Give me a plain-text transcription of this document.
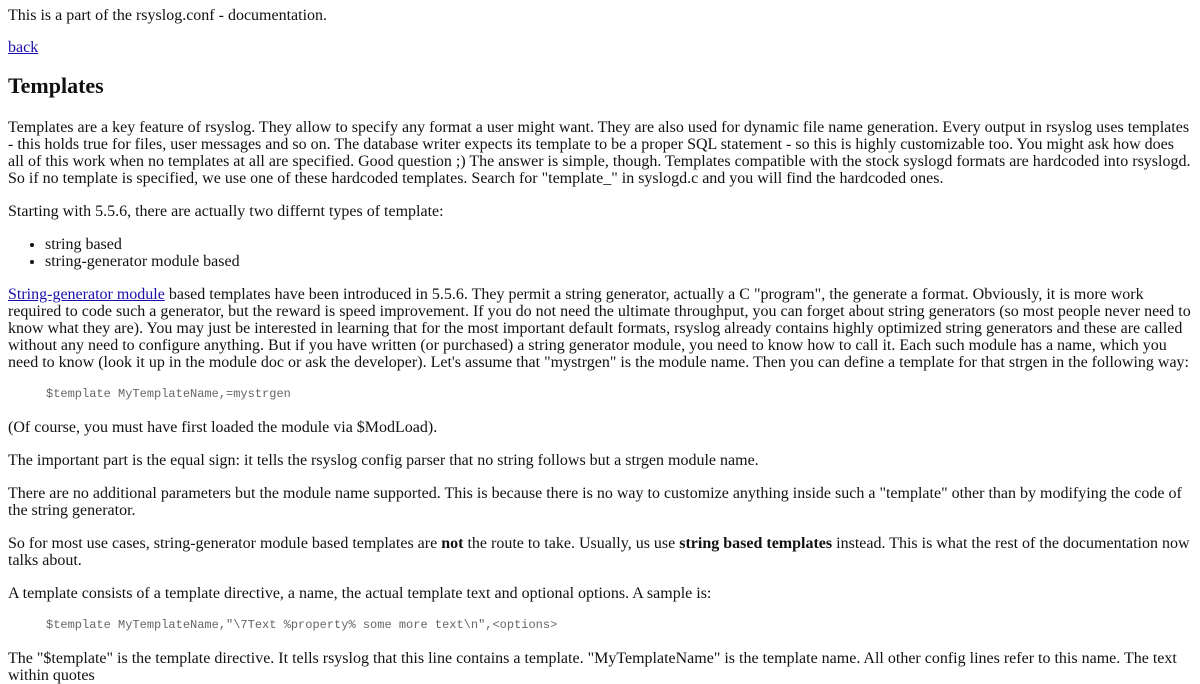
This is a part of the rsyslog.conf - documentation.

back

Templates

Templates are a key feature of rsyslog. They allow to specify any format a user might want. They are also used for dynamic file name generation. Every output in rsyslog uses templates - this holds true for files, user messages and so on. The database writer expects its template to be a proper SQL statement - so this is highly customizable too. You might ask how does all of this work when no templates at all are specified. Good question ;) The answer is simple, though. Templates compatible with the stock syslogd formats are hardcoded into rsyslogd. So if no template is specified, we use one of these hardcoded templates. Search for "template_" in syslogd.c and you will find the hardcoded ones.

Starting with 5.5.6, there are actually two differnt types of template:

• string based
• string-generator module based

String-generator module based templates have been introduced in 5.5.6. They permit a string generator, actually a C "program", the generate a format. Obviously, it is more work required to code such a generator, but the reward is speed improvement. If you do not need the ultimate throughput, you can forget about string generators (so most people never need to know what they are). You may just be interested in learning that for the most important default formats, rsyslog already contains highly optimized string generators and these are called without any need to configure anything. But if you have written (or purchased) a string generator module, you need to know how to call it. Each such module has a name, which you need to know (look it up in the module doc or ask the developer). Let's assume that "mystrgen" is the module name. Then you can define a template for that strgen in the following way:

$template MyTemplateName,=mystrgen

(Of course, you must have first loaded the module via $ModLoad).

The important part is the equal sign: it tells the rsyslog config parser that no string follows but a strgen module name.

There are no additional parameters but the module name supported. This is because there is no way to customize anything inside such a "template" other than by modifying the code of the string generator.

So for most use cases, string-generator module based templates are not the route to take. Usually, us use string based templates instead. This is what the rest of the documentation now talks about.

A template consists of a template directive, a name, the actual template text and optional options. A sample is:

$template MyTemplateName,"\7Text %property% some more text\n",<options>

The "$template" is the template directive. It tells rsyslog that this line contains a template. "MyTemplateName" is the template name. All other config lines refer to this name. The text within quotes
